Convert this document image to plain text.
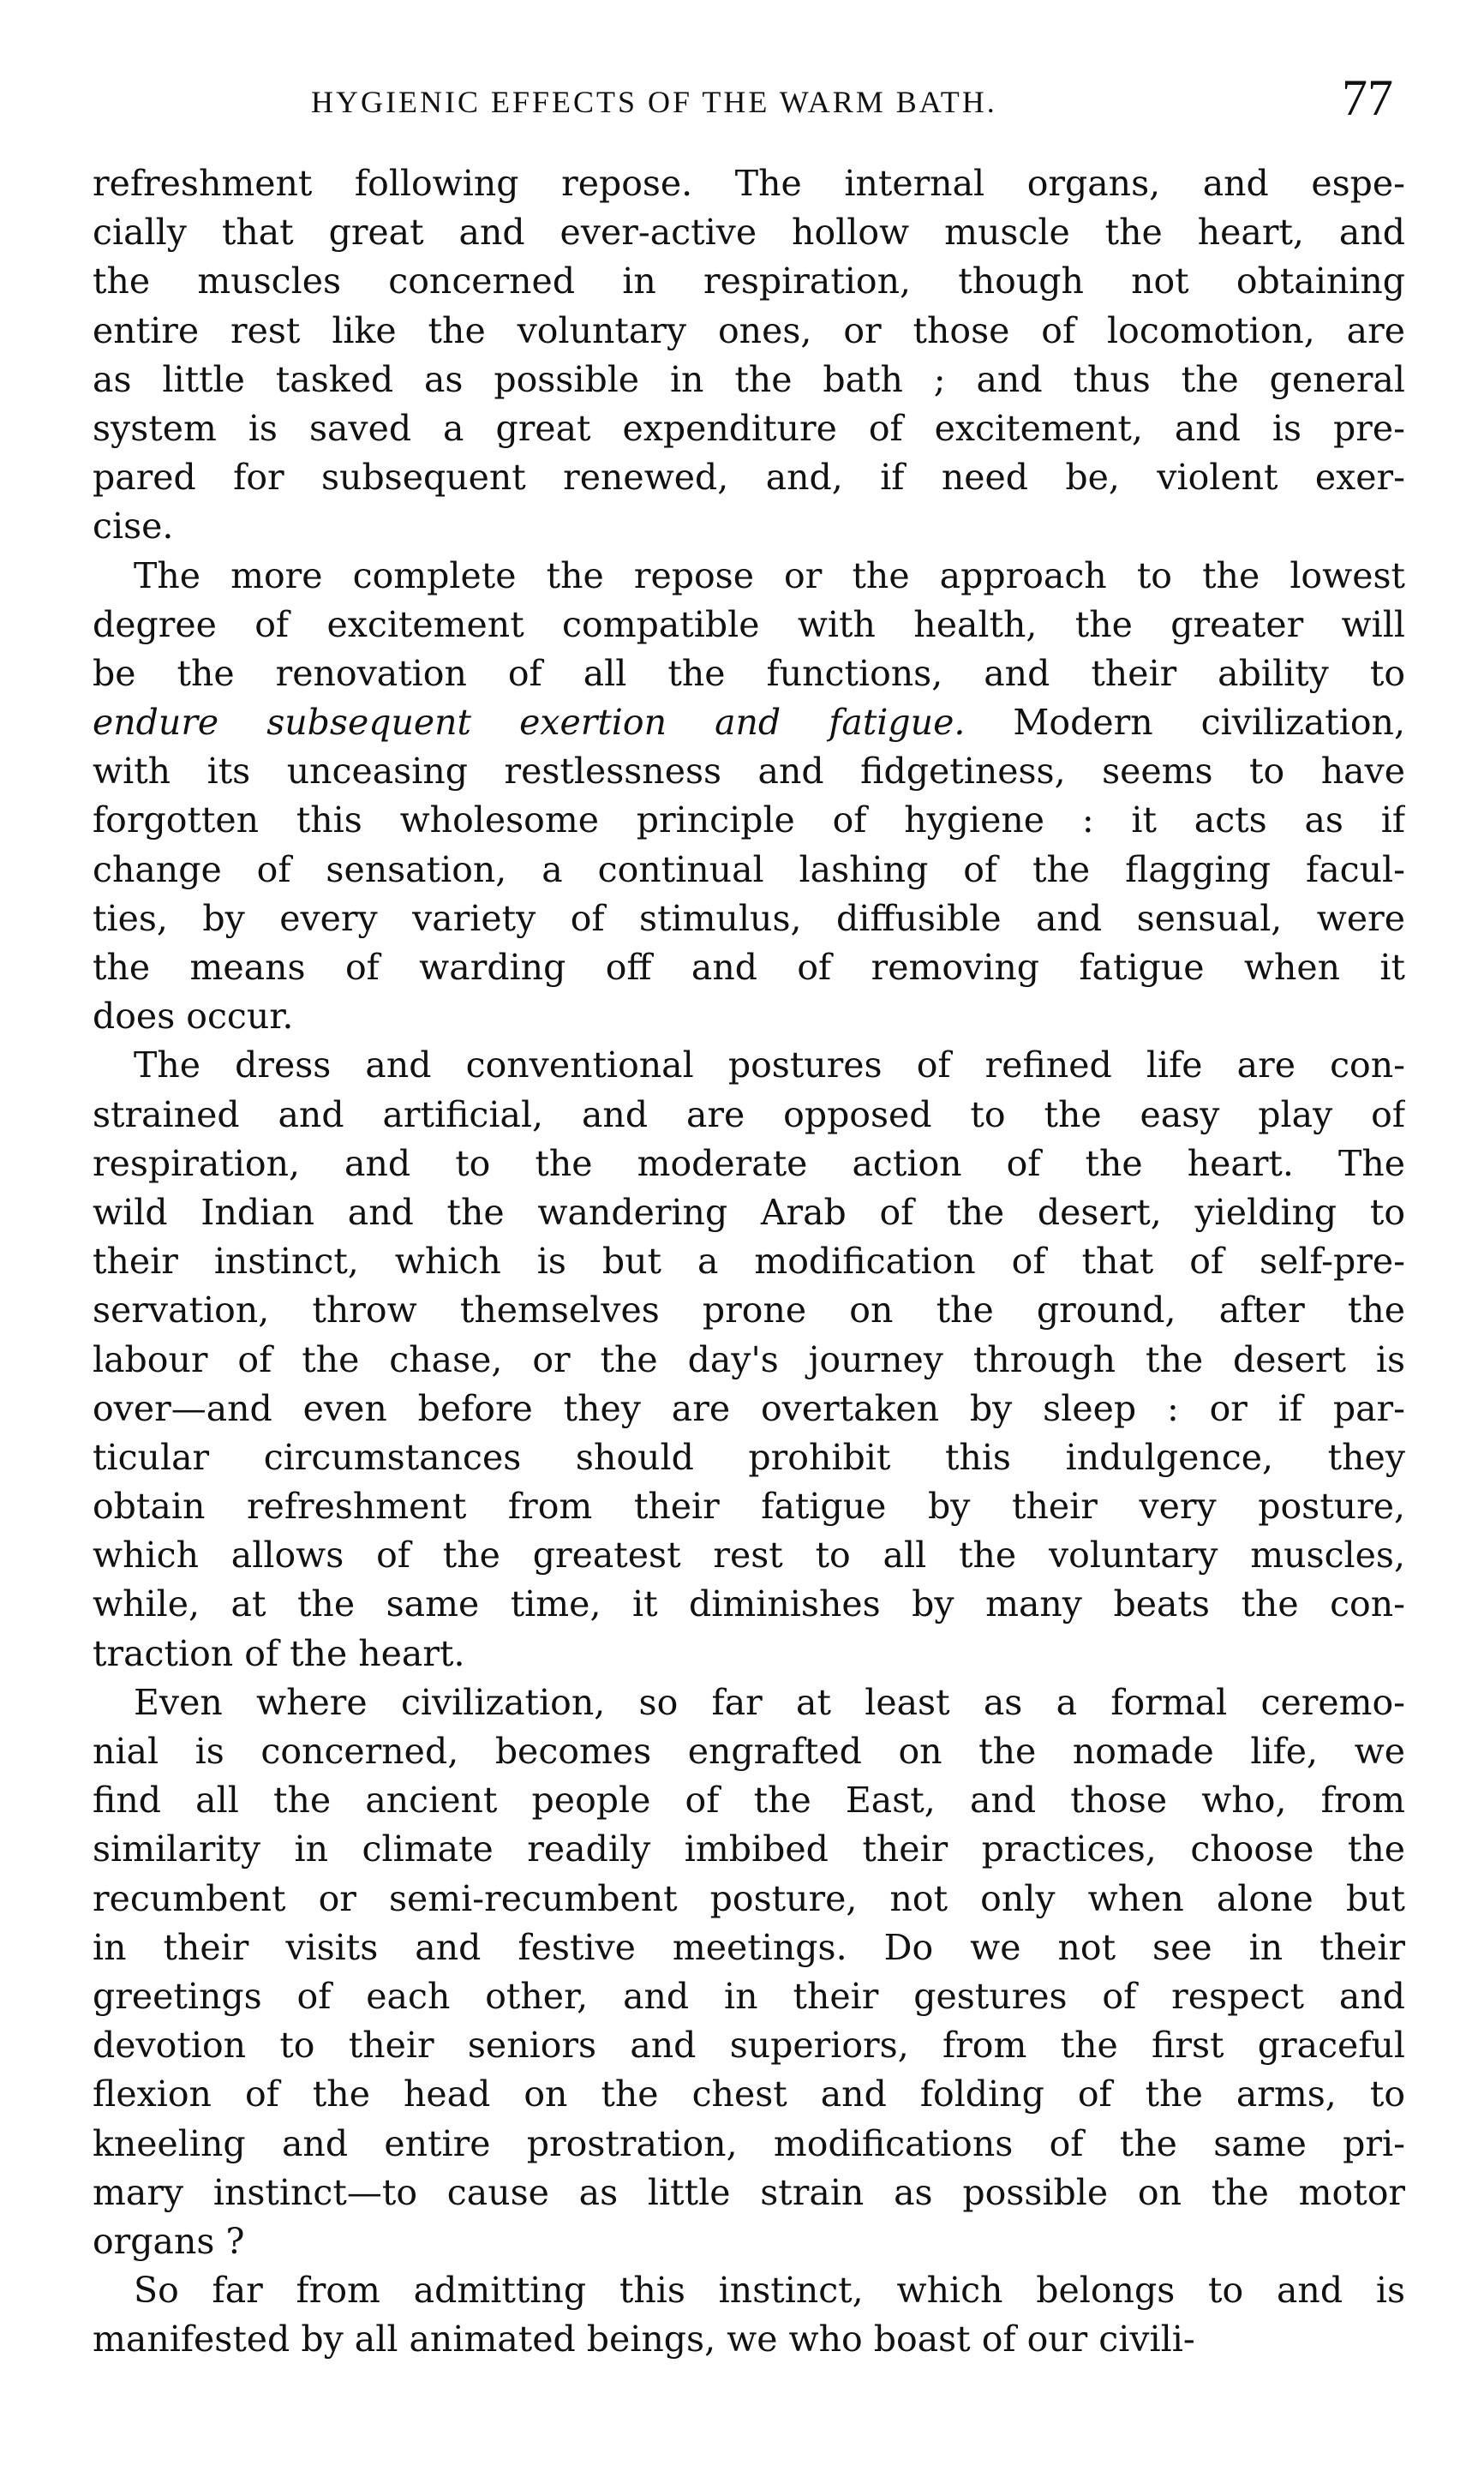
HYGIENIC EFFECTS OF THE WARM BATH.	77
refreshment following repose. The internal organs, and espe-
cially that great and ever-active hollow muscle the heart, and
the muscles concerned in respiration, though not obtaining
entire rest like the voluntary ones, or those of locomotion, are
as little tasked as possible in the bath ; and thus the general
system is saved a great expenditure of excitement, and is pre-
pared for subsequent renewed, and, if need be, violent exer-
cise.
The more complete the repose or the approach to the lowest
degree of excitement compatible with health, the greater will
be the renovation of all the functions, and their ability to
endure subsequent exertion and fatigue. Modern civilization,
with its unceasing restlessness and fidgetiness, seems to have
forgotten this wholesome principle of hygiene : it acts as if
change of sensation, a continual lashing of the flagging facul-
ties, by every variety of stimulus, diffusible and sensual, were
the means of warding off and of removing fatigue when it
does occur.
The dress and conventional postures of refined life are con-
strained and artificial, and are opposed to the easy play of
respiration, and to the moderate action of the heart. The
wild Indian and the wandering Arab of the desert, yielding to
their instinct, which is but a modification of that of self-pre-
servation, throw themselves prone on the ground, after the
labour of the chase, or the day's journey through the desert is
over—and even before they are overtaken by sleep : or if par-
ticular circumstances should prohibit this indulgence, they
obtain refreshment from their fatigue by their very posture,
which allows of the greatest rest to all the voluntary muscles,
while, at the same time, it diminishes by many beats the con-
traction of the heart.
Even where civilization, so far at least as a formal ceremo-
nial is concerned, becomes engrafted on the nomade life, we
find all the ancient people of the East, and those who, from
similarity in climate readily imbibed their practices, choose the
recumbent or semi-recumbent posture, not only when alone but
in their visits and festive meetings. Do we not see in their
greetings of each other, and in their gestures of respect and
devotion to their seniors and superiors, from the first graceful
flexion of the head on the chest and folding of the arms, to
kneeling and entire prostration, modifications of the same pri-
mary instinct—to cause as little strain as possible on the motor
organs ?
So far from admitting this instinct, which belongs to and is
manifested by all animated beings, we who boast of our civili-
